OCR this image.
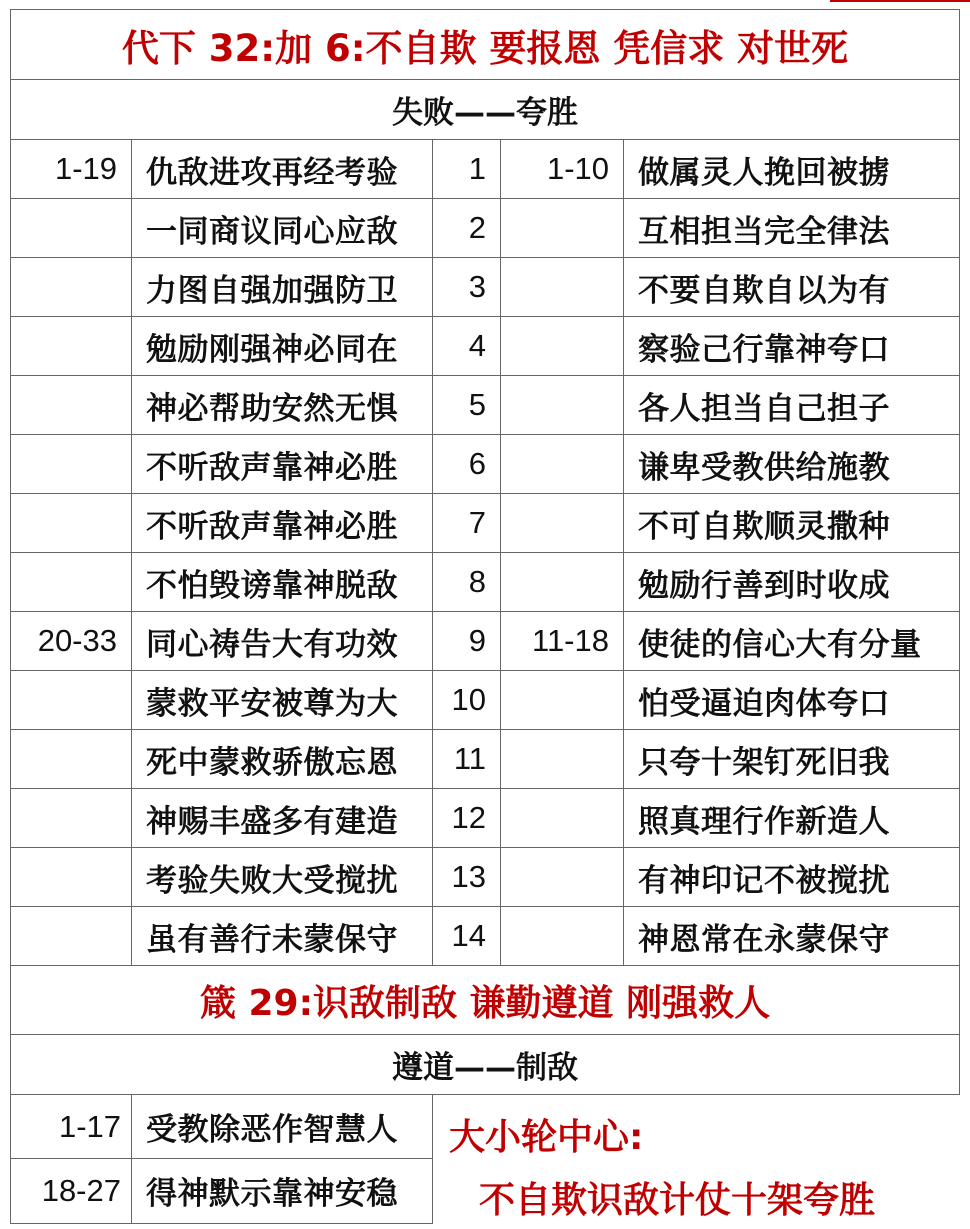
代下 32:加 6:不自欺 要报恩 凭信求 对世死				
失败——夸胜				
1-19	仇敌进攻再经考验	1	1-10	做属灵人挽回被掳
	一同商议同心应敌	2		互相担当完全律法
	力图自强加强防卫	3		不要自欺自以为有
	勉励刚强神必同在	4		察验己行靠神夸口
	神必帮助安然无惧	5		各人担当自己担子
	不听敌声靠神必胜	6		谦卑受教供给施教
	不听敌声靠神必胜	7		不可自欺顺灵撒种
	不怕毁谤靠神脱敌	8		勉励行善到时收成
20-33	同心祷告大有功效	9	11-18	使徒的信心大有分量
	蒙救平安被尊为大	10		怕受逼迫肉体夸口
	死中蒙救骄傲忘恩	11		只夸十架钉死旧我
	神赐丰盛多有建造	12		照真理行作新造人
	考验失败大受搅扰	13		有神印记不被搅扰
	虽有善行未蒙保守	14		神恩常在永蒙保守
箴 29:识敌制敌 谦勤遵道 刚强救人				
遵道——制敌				
1-17	受教除恶作智慧人	大小轮中心:
不自欺识敌计仗十架夸胜		

18-27	得神默示靠神安稳			
